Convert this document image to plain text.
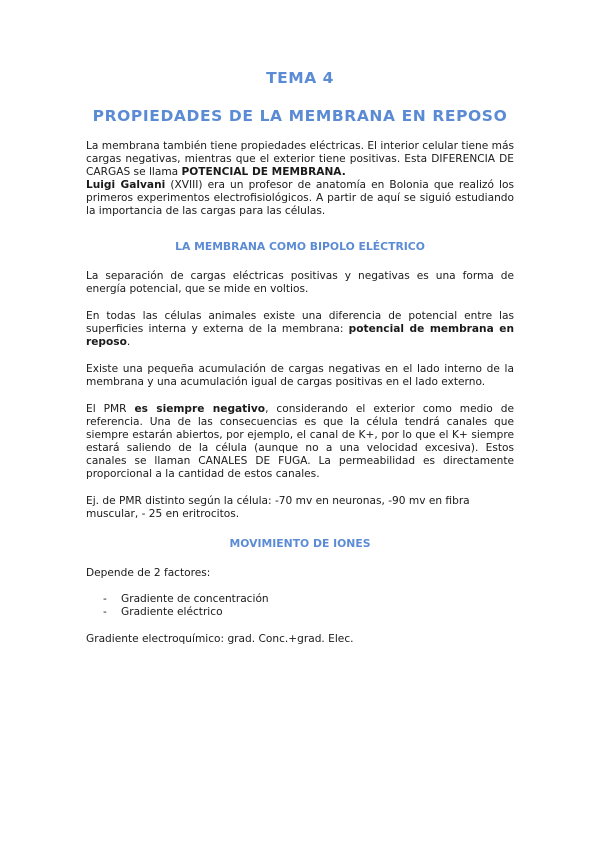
TEMA 4
PROPIEDADES DE LA MEMBRANA EN REPOSO

La membrana también tiene propiedades eléctricas. El interior celular tiene más cargas negativas, mientras que el exterior tiene positivas. Esta DIFERENCIA DE CARGAS se llama POTENCIAL DE MEMBRANA.
Luigi Galvani (XVIII) era un profesor de anatomía en Bolonia que realizó los primeros experimentos electrofisiológicos. A partir de aquí se siguió estudiando la importancia de las cargas para las células.

LA MEMBRANA COMO BIPOLO ELÉCTRICO

La separación de cargas eléctricas positivas y negativas es una forma de energía potencial, que se mide en voltios.

En todas las células animales existe una diferencia de potencial entre las superficies interna y externa de la membrana: potencial de membrana en reposo.

Existe una pequeña acumulación de cargas negativas en el lado interno de la membrana y una acumulación igual de cargas positivas en el lado externo.

El PMR es siempre negativo, considerando el exterior como medio de referencia. Una de las consecuencias es que la célula tendrá canales que siempre estarán abiertos, por ejemplo, el canal de K+, por lo que el K+ siempre estará saliendo de la célula (aunque no a una velocidad excesiva). Estos canales se llaman CANALES DE FUGA. La permeabilidad es directamente proporcional a la cantidad de estos canales.

Ej. de PMR distinto según la célula: -70 mv en neuronas, -90 mv en fibra muscular, - 25 en eritrocitos.

MOVIMIENTO DE IONES

Depende de 2 factores:

- Gradiente de concentración
- Gradiente eléctrico

Gradiente electroquímico: grad. Conc.+grad. Elec.
